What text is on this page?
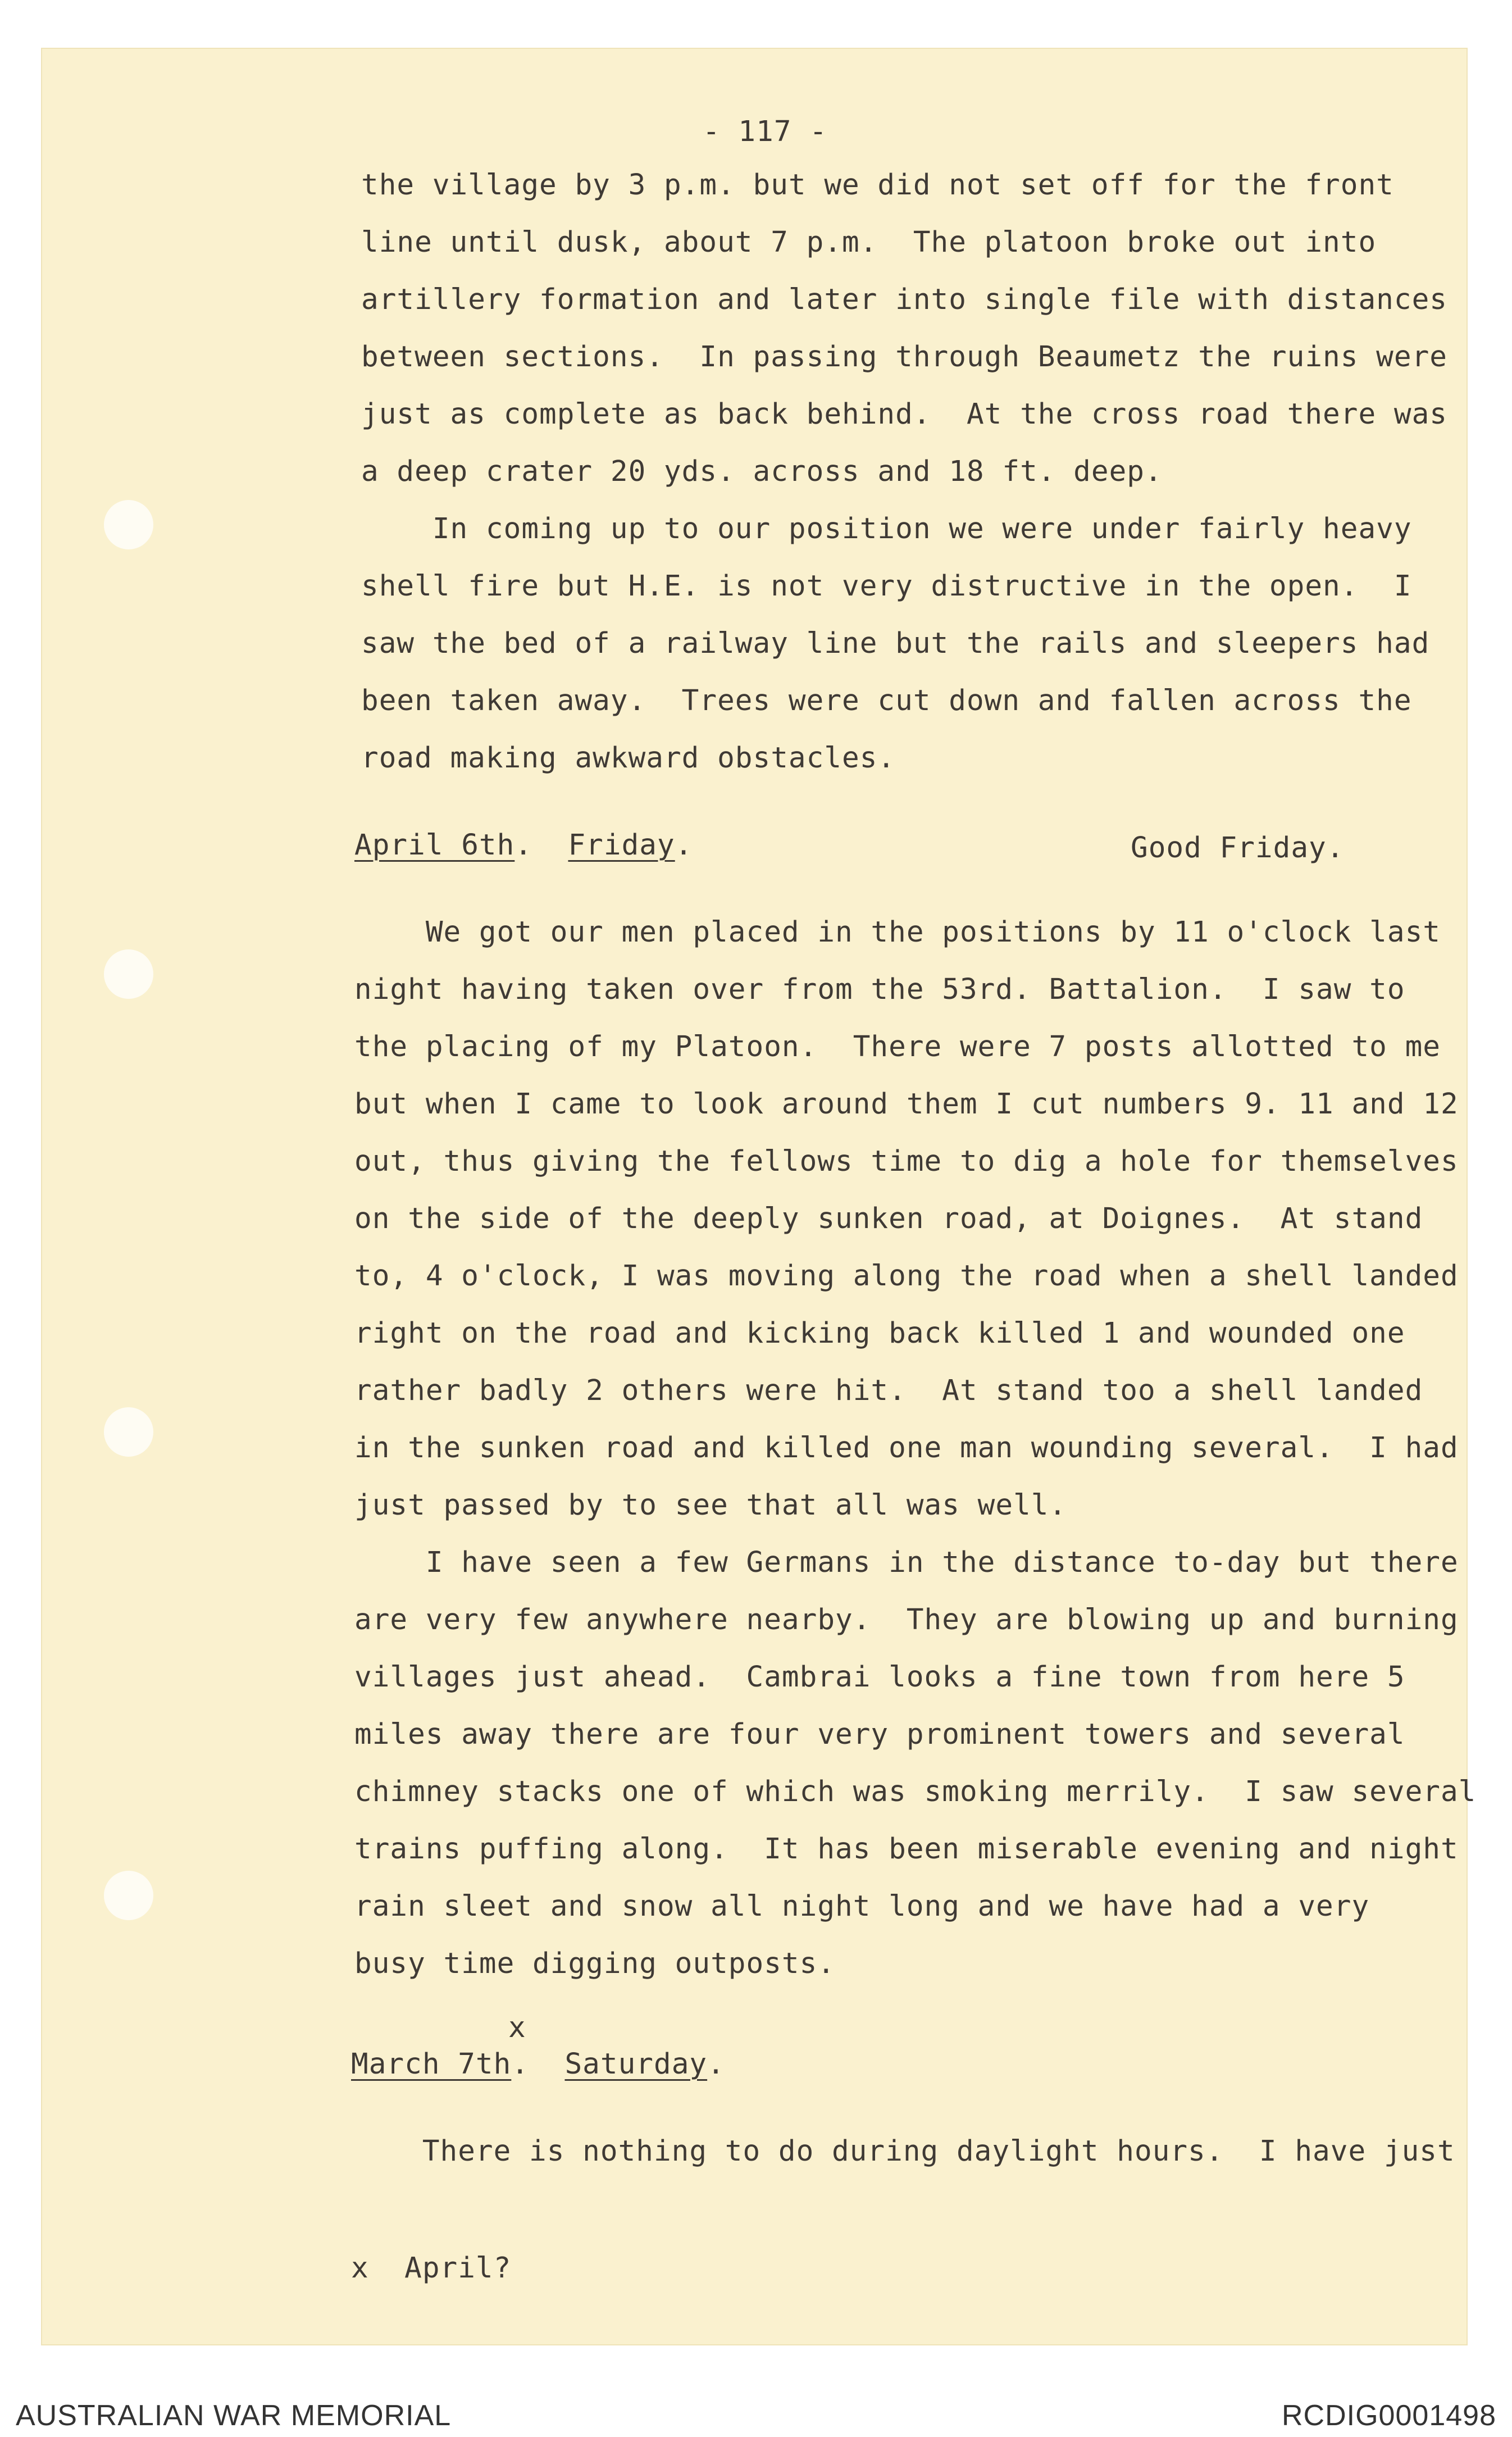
- 117 -
the village by 3 p.m. but we did not set off for the front
line until dusk, about 7 p.m.  The platoon broke out into
artillery formation and later into single file with distances
between sections.  In passing through Beaumetz the ruins were
just as complete as back behind.  At the cross road there was
a deep crater 20 yds. across and 18 ft. deep.
In coming up to our position we were under fairly heavy
shell fire but H.E. is not very distructive in the open.  I
saw the bed of a railway line but the rails and sleepers had
been taken away.  Trees were cut down and fallen across the
road making awkward obstacles.
April 6th.  Friday.	Good Friday.
We got our men placed in the positions by 11 o'clock last
night having taken over from the 53rd. Battalion.  I saw to
the placing of my Platoon.  There were 7 posts allotted to me
but when I came to look around them I cut numbers 9. 11 and 12
out, thus giving the fellows time to dig a hole for themselves
on the side of the deeply sunken road, at Doignes.  At stand
to, 4 o'clock, I was moving along the road when a shell landed
right on the road and kicking back killed 1 and wounded one
rather badly 2 others were hit.  At stand too a shell landed
in the sunken road and killed one man wounding several.  I had
just passed by to see that all was well.
I have seen a few Germans in the distance to-day but there
are very few anywhere nearby.  They are blowing up and burning
villages just ahead.  Cambrai looks a fine town from here 5
miles away there are four very prominent towers and several
chimney stacks one of which was smoking merrily.  I saw several
trains puffing along.  It has been miserable evening and night
rain sleet and snow all night long and we have had a very
busy time digging outposts.
x
March 7th.  Saturday.
There is nothing to do during daylight hours.  I have just
x  April?
AUSTRALIAN WAR MEMORIAL	RCDIG0001498
